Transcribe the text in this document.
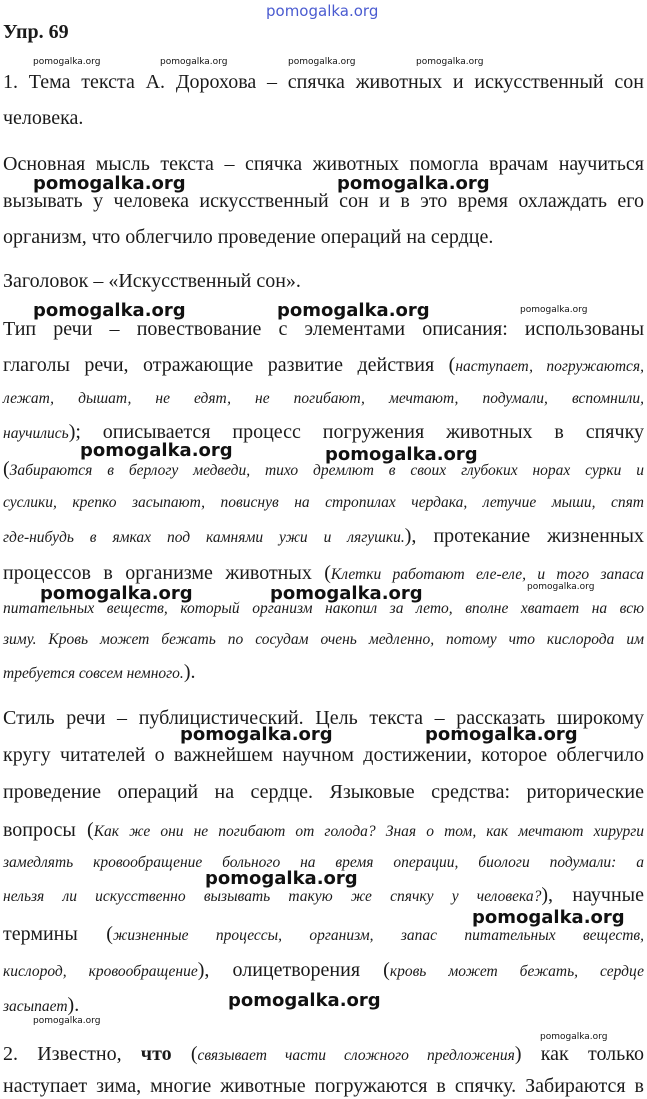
pomogalka.org
Упр. 69
pomogalka.org	pomogalka.org	pomogalka.org	pomogalka.org
1. Тема текста А. Дорохова – спячка животных и искусственный сон
человека.
Основная мысль текста – спячка животных помогла врачам научиться
pomogalka.org	pomogalka.org
вызывать у человека искусственный сон и в это время охлаждать его
организм, что облегчило проведение операций на сердце.
Заголовок – «Искусственный сон».
pomogalka.org	pomogalka.org	pomogalka.org
Тип речи – повествование с элементами описания: использованы
глаголы речи, отражающие развитие действия (наступает, погружаются,
лежат, дышат, не едят, не погибают, мечтают, подумали, вспомнили,
научились); описывается процесс погружения животных в спячку
pomogalka.org	pomogalka.org
(Забираются в берлогу медведи, тихо дремлют в своих глубоких норах сурки и
суслики, крепко засыпают, повиснув на стропилах чердака, летучие мыши, спят
где-нибудь в ямках под камнями ужи и лягушки.), протекание жизненных
процессов в организме животных (Клетки работают еле-еле, и того запаса
pomogalka.org	pomogalka.org	pomogalka.org
питательных веществ, который организм накопил за лето, вполне хватает на всю
зиму. Кровь может бежать по сосудам очень медленно, потому что кислорода им
требуется совсем немного.).
Стиль речи – публицистический. Цель текста – рассказать широкому
pomogalka.org	pomogalka.org
кругу читателей о важнейшем научном достижении, которое облегчило
проведение операций на сердце. Языковые средства: риторические
вопросы (Как же они не погибают от голода? Зная о том, как мечтают хирурги
замедлять кровообращение больного на время операции, биологи подумали: а
pomogalka.org
нельзя ли искусственно вызывать такую же спячку у человека?), научные
pomogalka.org
термины (жизненные процессы, организм, запас питательных веществ,
кислород, кровообращение), олицетворения (кровь может бежать, сердце
pomogalka.org
засыпает).
pomogalka.org
pomogalka.org
2. Известно, что (связывает части сложного предложения) как только
наступает зима, многие животные погружаются в спячку. Забираются в
